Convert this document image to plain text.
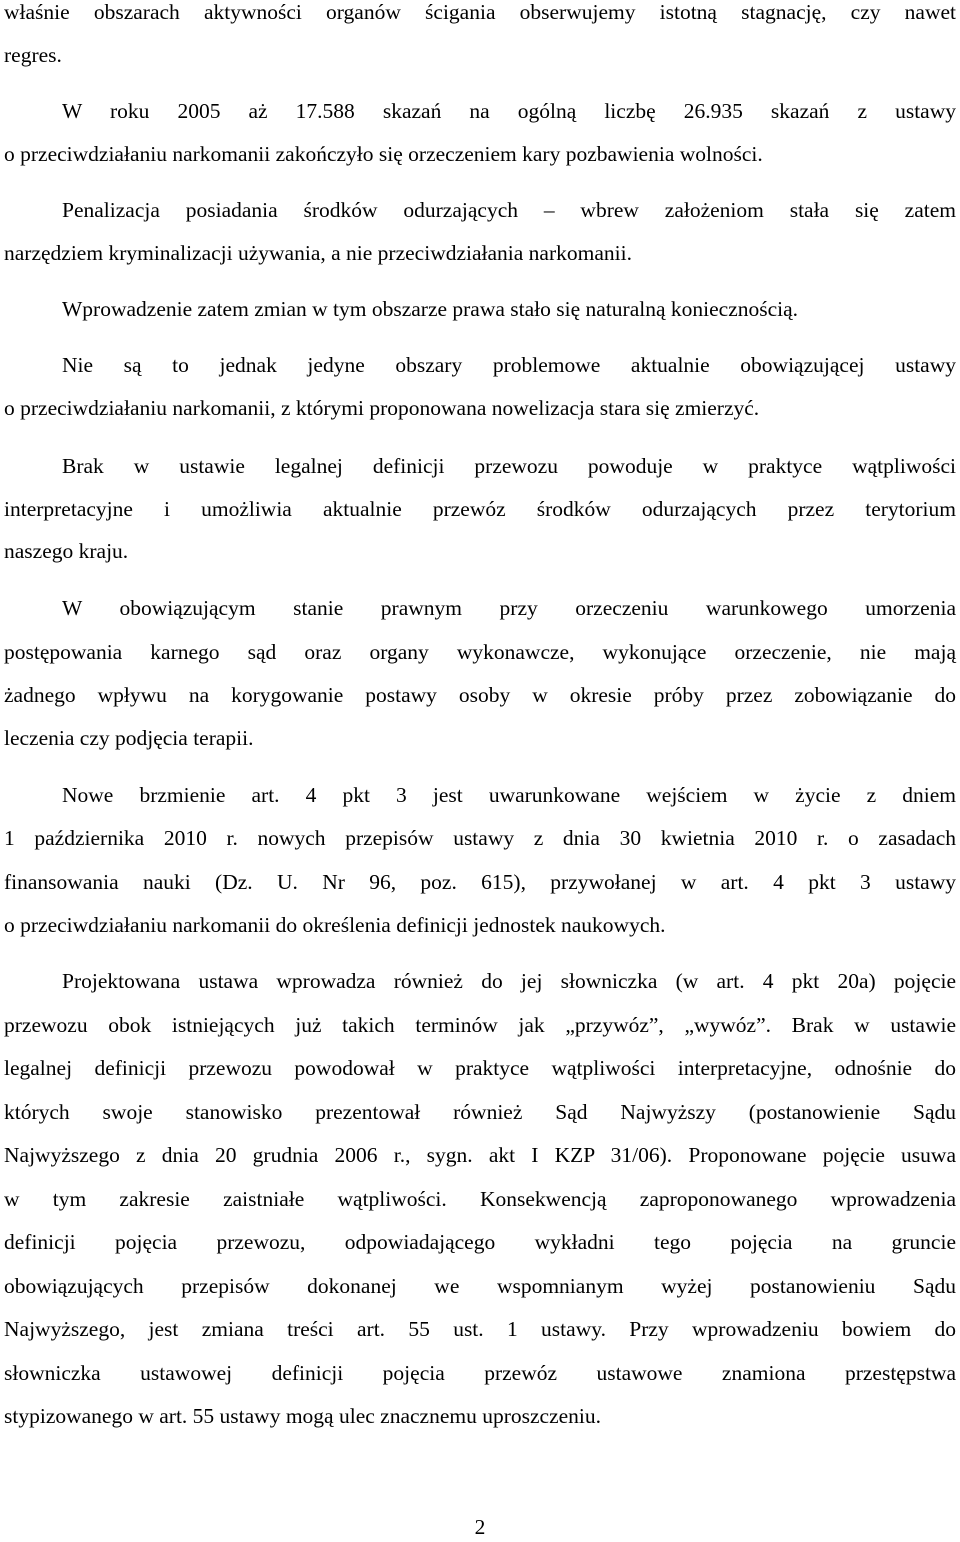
właśnie obszarach aktywności organów ścigania obserwujemy istotną stagnację, czy nawet
regres.
W roku 2005 aż 17.588 skazań na ogólną liczbę 26.935 skazań z ustawy
o przeciwdziałaniu narkomanii zakończyło się orzeczeniem kary pozbawienia wolności.
Penalizacja posiadania środków odurzających – wbrew założeniom stała się zatem
narzędziem kryminalizacji używania, a nie przeciwdziałania narkomanii.
Wprowadzenie zatem zmian w tym obszarze prawa stało się naturalną koniecznością.
Nie są to jednak jedyne obszary problemowe aktualnie obowiązującej ustawy
o przeciwdziałaniu narkomanii, z którymi proponowana nowelizacja stara się zmierzyć.
Brak w ustawie legalnej definicji przewozu powoduje w praktyce wątpliwości
interpretacyjne i umożliwia aktualnie przewóz środków odurzających przez terytorium
naszego kraju.
W obowiązującym stanie prawnym przy orzeczeniu warunkowego umorzenia
postępowania karnego sąd oraz organy wykonawcze, wykonujące orzeczenie, nie mają
żadnego wpływu na korygowanie postawy osoby w okresie próby przez zobowiązanie do
leczenia czy podjęcia terapii.
Nowe brzmienie art. 4 pkt 3 jest uwarunkowane wejściem w życie z dniem
1 października 2010 r. nowych przepisów ustawy z dnia 30 kwietnia 2010 r. o zasadach
finansowania nauki (Dz. U. Nr 96, poz. 615), przywołanej w art. 4 pkt 3 ustawy
o przeciwdziałaniu narkomanii do określenia definicji jednostek naukowych.
Projektowana ustawa wprowadza również do jej słowniczka (w art. 4 pkt 20a) pojęcie
przewozu obok istniejących już takich terminów jak „przywóz”, „wywóz”. Brak w ustawie
legalnej definicji przewozu powodował w praktyce wątpliwości interpretacyjne, odnośnie do
których swoje stanowisko prezentował również Sąd Najwyższy (postanowienie Sądu
Najwyższego z dnia 20 grudnia 2006 r., sygn. akt I KZP 31/06). Proponowane pojęcie usuwa
w tym zakresie zaistniałe wątpliwości. Konsekwencją zaproponowanego wprowadzenia
definicji pojęcia przewozu, odpowiadającego wykładni tego pojęcia na gruncie
obowiązujących przepisów dokonanej we wspomnianym wyżej postanowieniu Sądu
Najwyższego, jest zmiana treści art. 55 ust. 1 ustawy. Przy wprowadzeniu bowiem do
słowniczka ustawowej definicji pojęcia przewóz ustawowe znamiona przestępstwa
stypizowanego w art. 55 ustawy mogą ulec znacznemu uproszczeniu.
2
